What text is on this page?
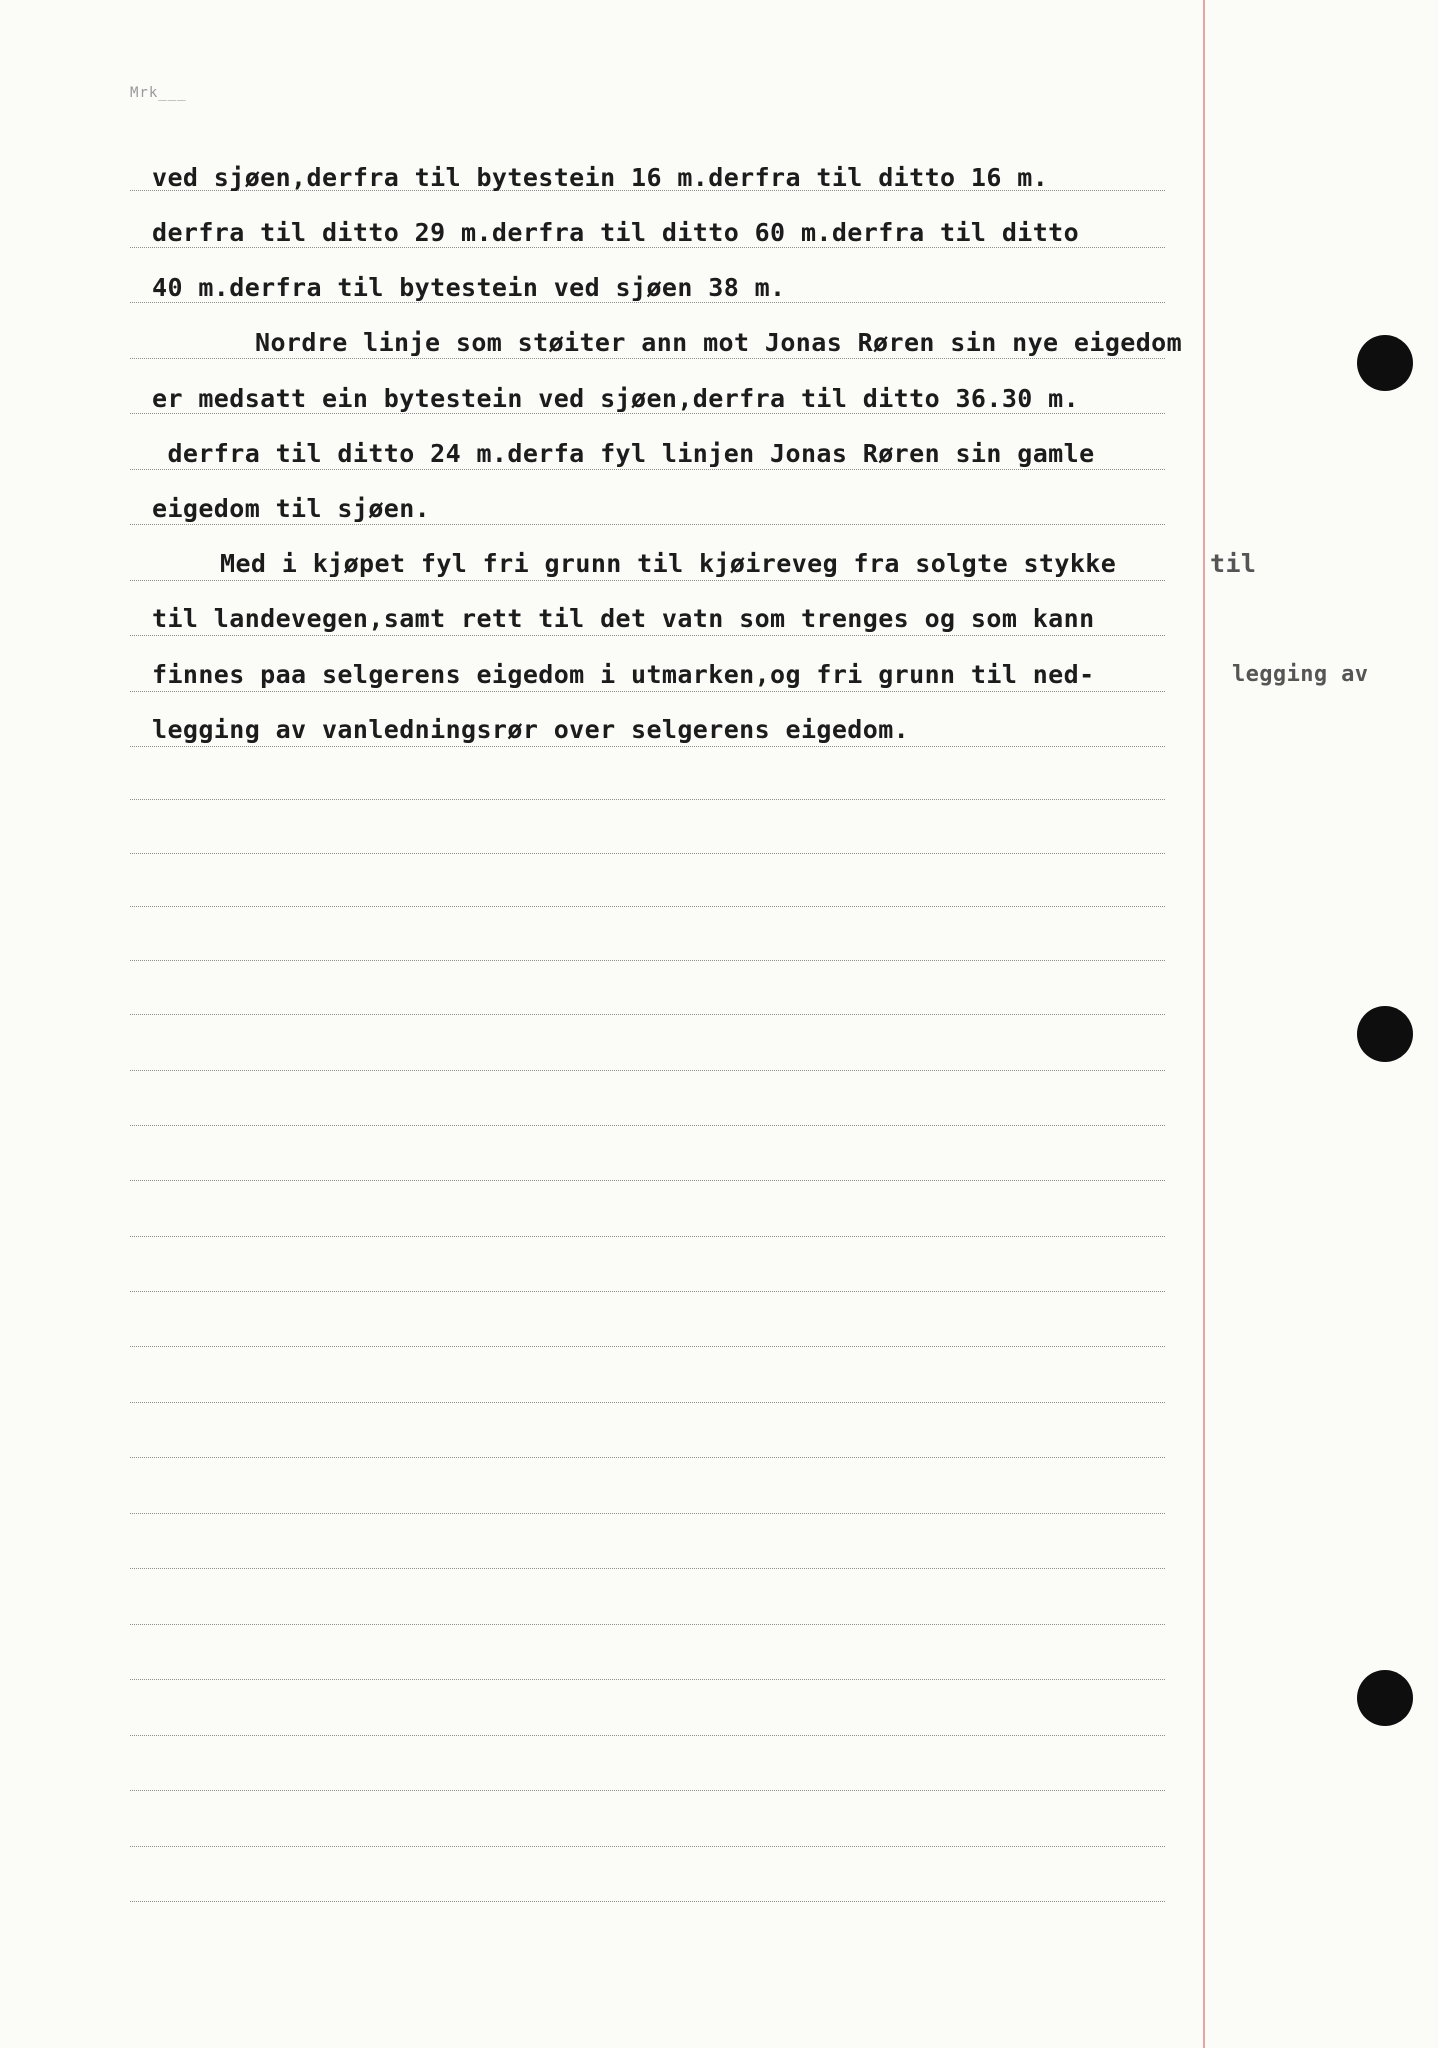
Mrk___
ved sjøen,derfra til bytestein 16 m.derfra til ditto 16 m.
derfra til ditto 29 m.derfra til ditto 60 m.derfra til ditto
40 m.derfra til bytestein ved sjøen 38 m.
Nordre linje som støiter ann mot Jonas Røren sin nye eigedom
er medsatt ein bytestein ved sjøen,derfra til ditto 36.30 m.
derfra til ditto 24 m.derfa fyl linjen Jonas Røren sin gamle
eigedom til sjøen.
Med i kjøpet fyl fri grunn til kjøireveg fra solgte stykke	til
til landevegen,samt rett til det vatn som trenges og som kann
finnes paa selgerens eigedom i utmarken,og fri grunn til ned-	legging av
legging av vanledningsrør over selgerens eigedom.
